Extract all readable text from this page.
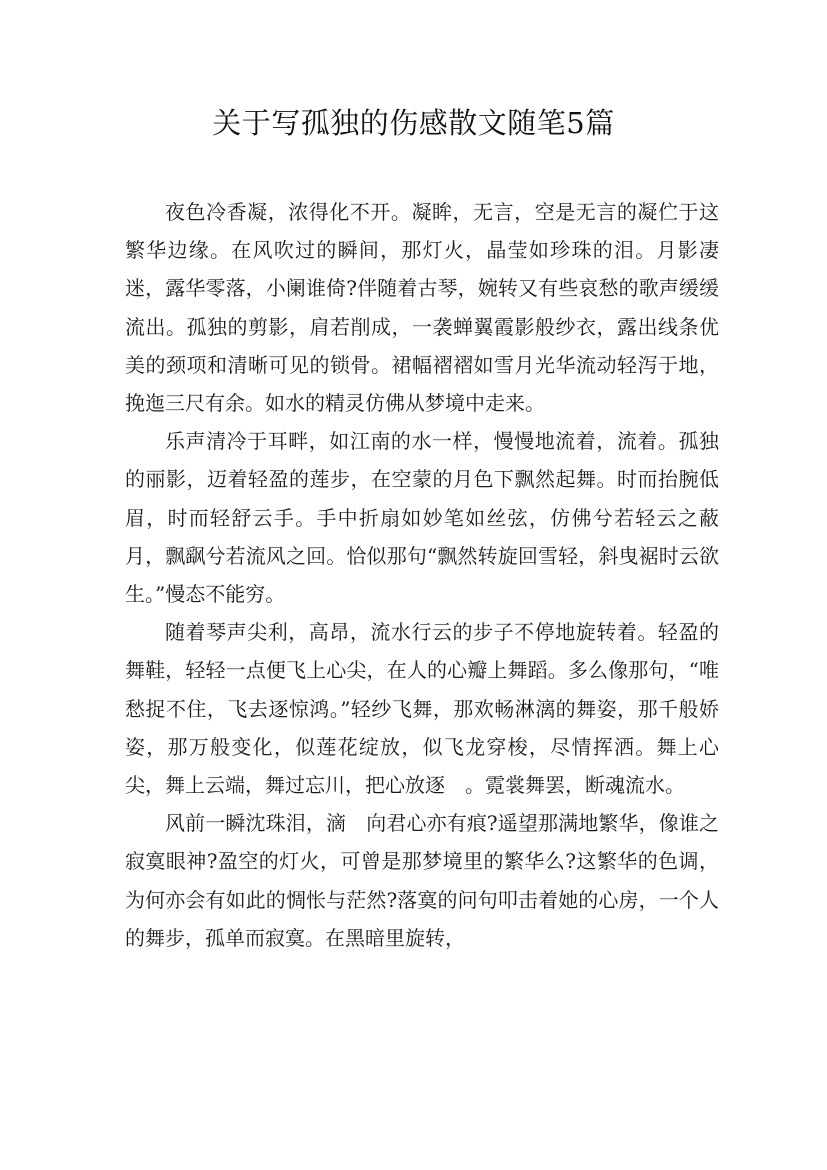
关于写孤独的伤感散文随笔5篇

夜色冷香凝，浓得化不开。凝眸，无言，空是无言的凝伫于这繁华边缘。在风吹过的瞬间，那灯火，晶莹如珍珠的泪。月影凄迷，露华零落，小阑谁倚?伴随着古琴，婉转又有些哀愁的歌声缓缓流出。孤独的剪影，肩若削成，一袭蝉翼霞影般纱衣，露出线条优美的颈项和清晰可见的锁骨。裙幅褶褶如雪月光华流动轻泻于地，挽迤三尺有余。如水的精灵仿佛从梦境中走来。

乐声清冷于耳畔，如江南的水一样，慢慢地流着，流着。孤独的丽影，迈着轻盈的莲步，在空蒙的月色下飘然起舞。时而抬腕低眉，时而轻舒云手。手中折扇如妙笔如丝弦，仿佛兮若轻云之蔽月，飘飖兮若流风之回。恰似那句“飘然转旋回雪轻，斜曳裾时云欲生。”慢态不能穷。

随着琴声尖利，高昂，流水行云的步子不停地旋转着。轻盈的舞鞋，轻轻一点便飞上心尖，在人的心瓣上舞蹈。多么像那句，“唯愁捉不住，飞去逐惊鸿。”轻纱飞舞，那欢畅淋漓的舞姿，那千般娇姿，那万般变化，似莲花绽放，似飞龙穿梭，尽情挥洒。舞上心尖，舞上云端，舞过忘川，把心放逐　。霓裳舞罢，断魂流水。

风前一瞬沈珠泪，滴　向君心亦有痕?遥望那满地繁华，像谁之寂寞眼神?盈空的灯火，可曾是那梦境里的繁华么?这繁华的色调，为何亦会有如此的惆怅与茫然?落寞的问句叩击着她的心房，一个人的舞步，孤单而寂寞。在黑暗里旋转，
